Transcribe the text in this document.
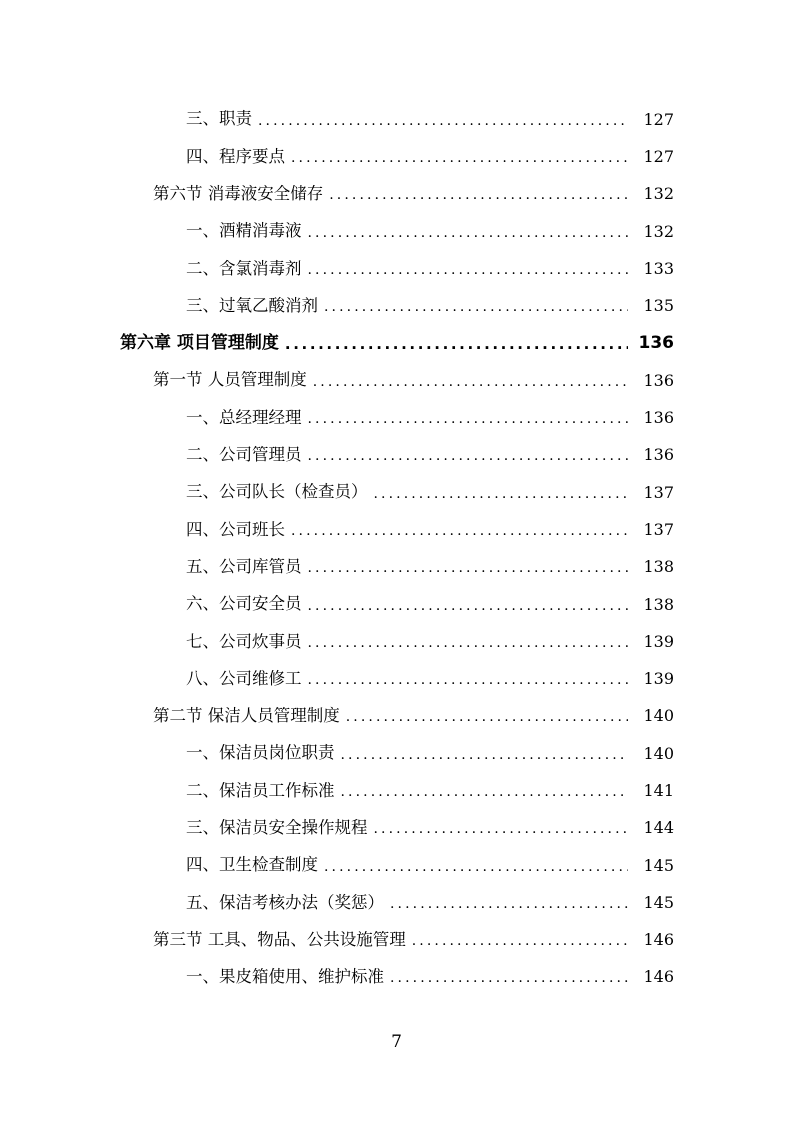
三、职责 .....	127
四、程序要点 .....	127
第六节 消毒液安全储存 .....	132
一、酒精消毒液 .....	132
二、含氯消毒剂 .....	133
三、过氧乙酸消剂 .....	135
第六章 项目管理制度 .....	136
第一节 人员管理制度 .....	136
一、总经理经理 .....	136
二、公司管理员 .....	136
三、公司队长（检查员） .....	137
四、公司班长 .....	137
五、公司库管员 .....	138
六、公司安全员 .....	138
七、公司炊事员 .....	139
八、公司维修工 .....	139
第二节 保洁人员管理制度 .....	140
一、保洁员岗位职责 .....	140
二、保洁员工作标准 .....	141
三、保洁员安全操作规程 .....	144
四、卫生检查制度 .....	145
五、保洁考核办法（奖惩） .....	145
第三节 工具、物品、公共设施管理 .....	146
一、果皮箱使用、维护标准 .....	146
7
